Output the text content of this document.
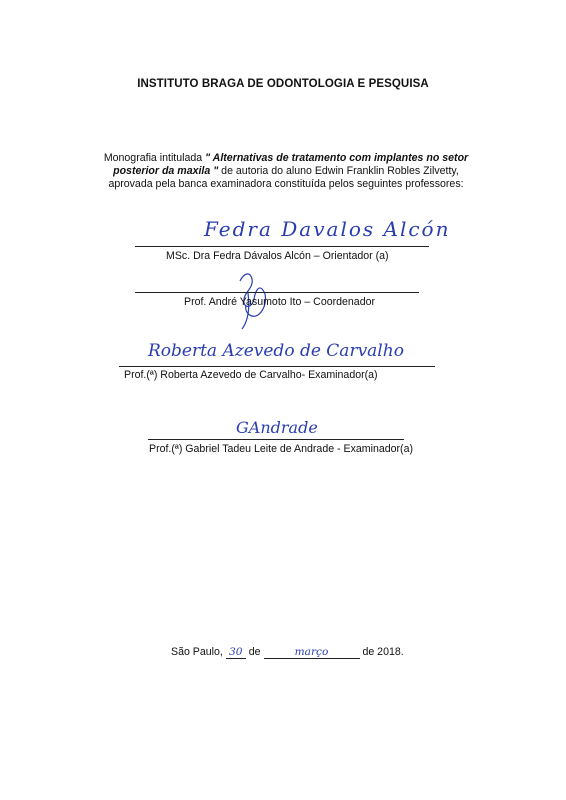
INSTITUTO BRAGA DE ODONTOLOGIA E PESQUISA
Monografia intitulada " Alternativas de tratamento com implantes no setor posterior da maxila " de autoria do aluno Edwin Franklin Robles Zilvetty, aprovada pela banca examinadora constituída pelos seguintes professores:
Fedra Davalos Alcón
MSc. Dra Fedra Dávalos Alcón – Orientador (a)
Prof. André Yasumoto Ito – Coordenador
Roberta Azevedo de Carvalho
Prof.(ª) Roberta Azevedo de Carvalho- Examinador(a)
GAndrade
Prof.(ª) Gabriel Tadeu Leite de Andrade - Examinador(a)
São Paulo, 30 de	março	de 2018.
